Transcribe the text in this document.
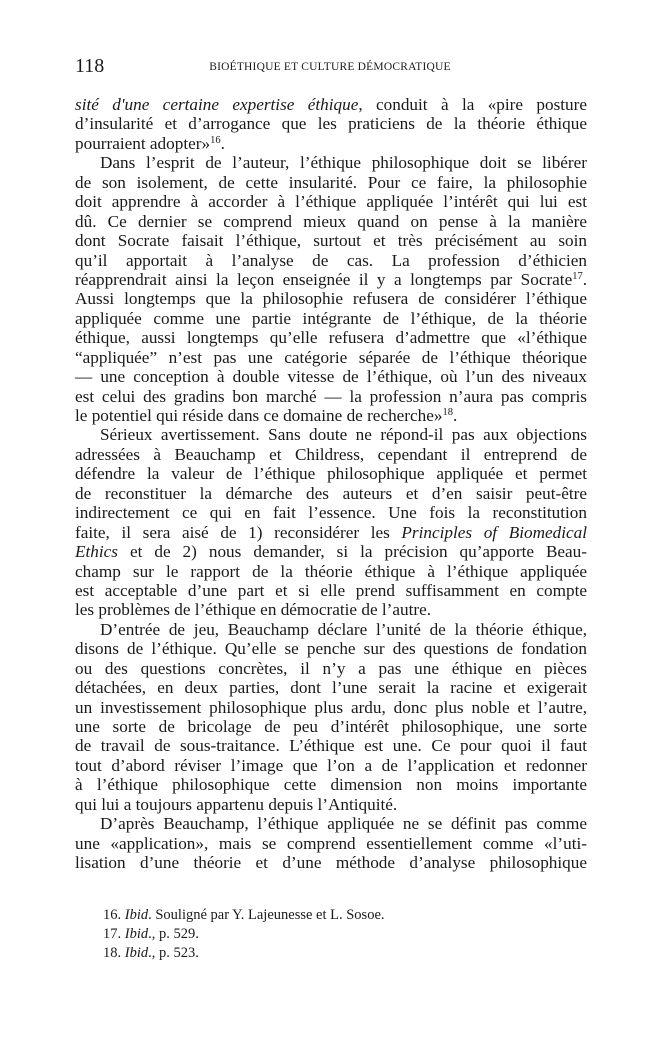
118	BIOÉTHIQUE ET CULTURE DÉMOCRATIQUE
sité d'une certaine expertise éthique, conduit à la «pire posture
d’insularité et d’arrogance que les praticiens de la théorie éthique
pourraient adopter»$^{16}$.
Dans l’esprit de l’auteur, l’éthique philosophique doit se libérer
de son isolement, de cette insularité. Pour ce faire, la philosophie
doit apprendre à accorder à l’éthique appliquée l’intérêt qui lui est
dû. Ce dernier se comprend mieux quand on pense à la manière
dont Socrate faisait l’éthique, surtout et très précisément au soin
qu’il apportait à l’analyse de cas. La profession d’éthicien
réapprendrait ainsi la leçon enseignée il y a longtemps par Socrate$^{17}$.
Aussi longtemps que la philosophie refusera de considérer l’éthique
appliquée comme une partie intégrante de l’éthique, de la théorie
éthique, aussi longtemps qu’elle refusera d’admettre que «l’éthique
“appliquée” n’est pas une catégorie séparée de l’éthique théorique
— une conception à double vitesse de l’éthique, où l’un des niveaux
est celui des gradins bon marché — la profession n’aura pas compris
le potentiel qui réside dans ce domaine de recherche»$^{18}$.
Sérieux avertissement. Sans doute ne répond-il pas aux objections
adressées à Beauchamp et Childress, cependant il entreprend de
défendre la valeur de l’éthique philosophique appliquée et permet
de reconstituer la démarche des auteurs et d’en saisir peut-être
indirectement ce qui en fait l’essence. Une fois la reconstitution
faite, il sera aisé de 1) reconsidérer les Principles of Biomedical
Ethics et de 2) nous demander, si la précision qu’apporte Beau-
champ sur le rapport de la théorie éthique à l’éthique appliquée
est acceptable d’une part et si elle prend suffisamment en compte
les problèmes de l’éthique en démocratie de l’autre.
D’entrée de jeu, Beauchamp déclare l’unité de la théorie éthique,
disons de l’éthique. Qu’elle se penche sur des questions de fondation
ou des questions concrètes, il n’y a pas une éthique en pièces
détachées, en deux parties, dont l’une serait la racine et exigerait
un investissement philosophique plus ardu, donc plus noble et l’autre,
une sorte de bricolage de peu d’intérêt philosophique, une sorte
de travail de sous-traitance. L’éthique est une. Ce pour quoi il faut
tout d’abord réviser l’image que l’on a de l’application et redonner
à l’éthique philosophique cette dimension non moins importante
qui lui a toujours appartenu depuis l’Antiquité.
D’après Beauchamp, l’éthique appliquée ne se définit pas comme
une «application», mais se comprend essentiellement comme «l’uti-
lisation d’une théorie et d’une méthode d’analyse philosophique
16. Ibid. Souligné par Y. Lajeunesse et L. Sosoe.
17. Ibid., p. 529.
18. Ibid., p. 523.
